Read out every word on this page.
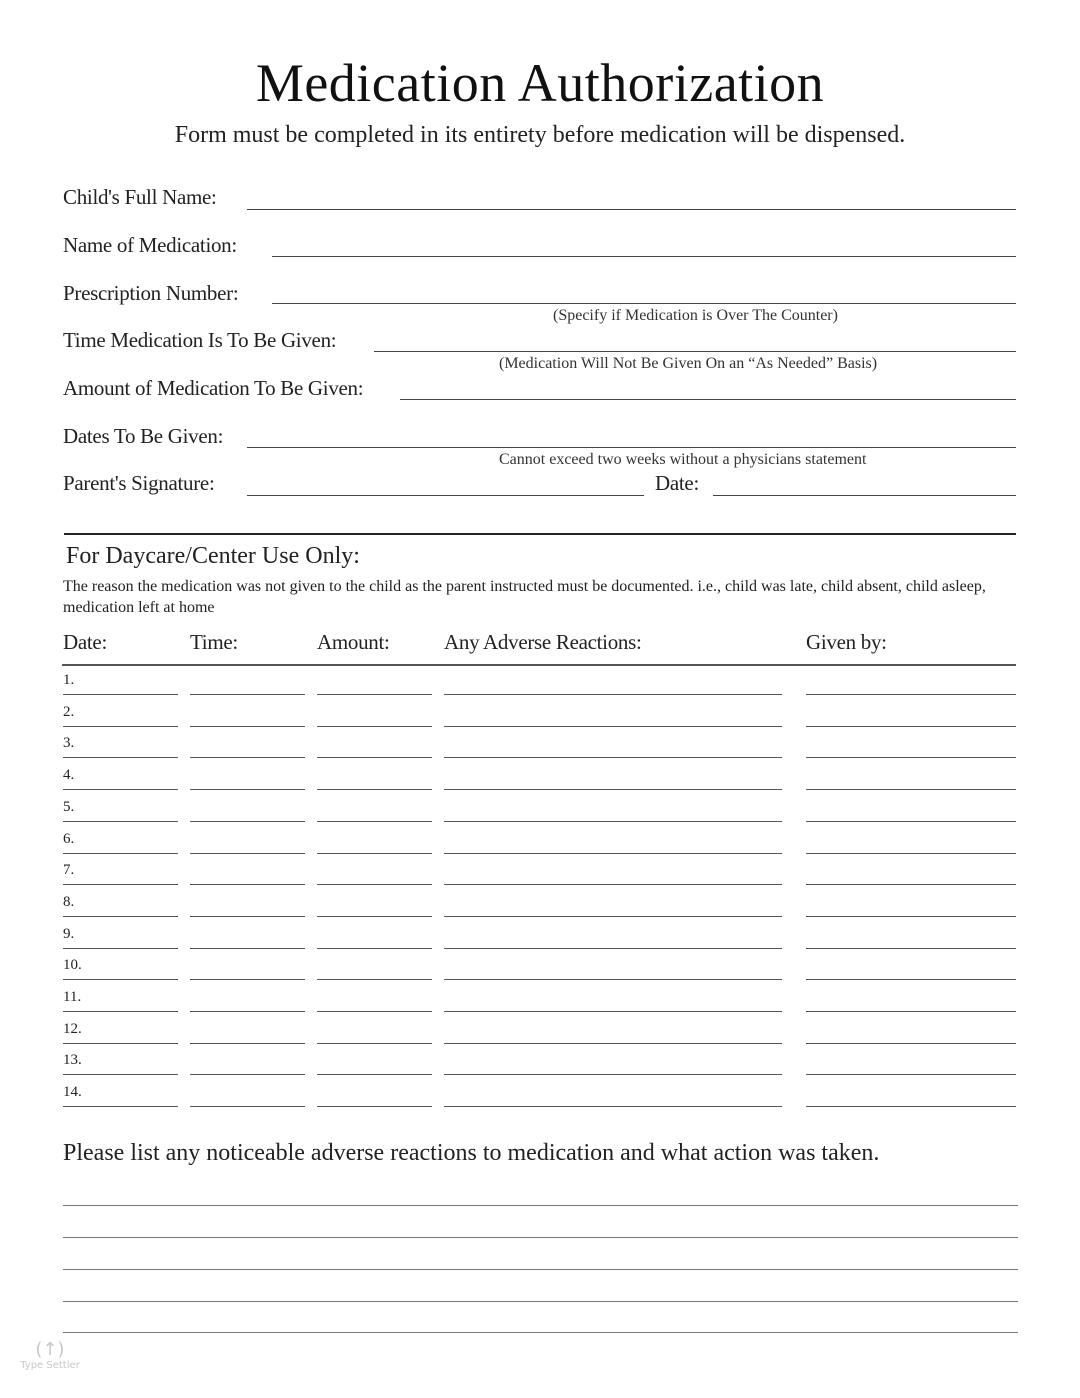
Medication Authorization
Form must be completed in its entirety before medication will be dispensed.
Child's Full Name:
Name of Medication:
Prescription Number:
(Specify if Medication is Over The Counter)
Time Medication Is To Be Given:
(Medication Will Not Be Given On an “As Needed” Basis)
Amount of Medication To Be Given:
Dates To Be Given:
Cannot exceed two weeks without a physicians statement
Parent's Signature:	Date:
For Daycare/Center Use Only:
The reason the medication was not given to the child as the parent instructed must be documented. i.e., child was late, child absent, child asleep, medication left at home
Date:	Time:	Amount:	Any Adverse Reactions:	Given by:
1.
2.
3.
4.
5.
6.
7.
8.
9.
10.
11.
12.
13.
14.
Please list any noticeable adverse reactions to medication and what action was taken.
(↑)
Type Settler
